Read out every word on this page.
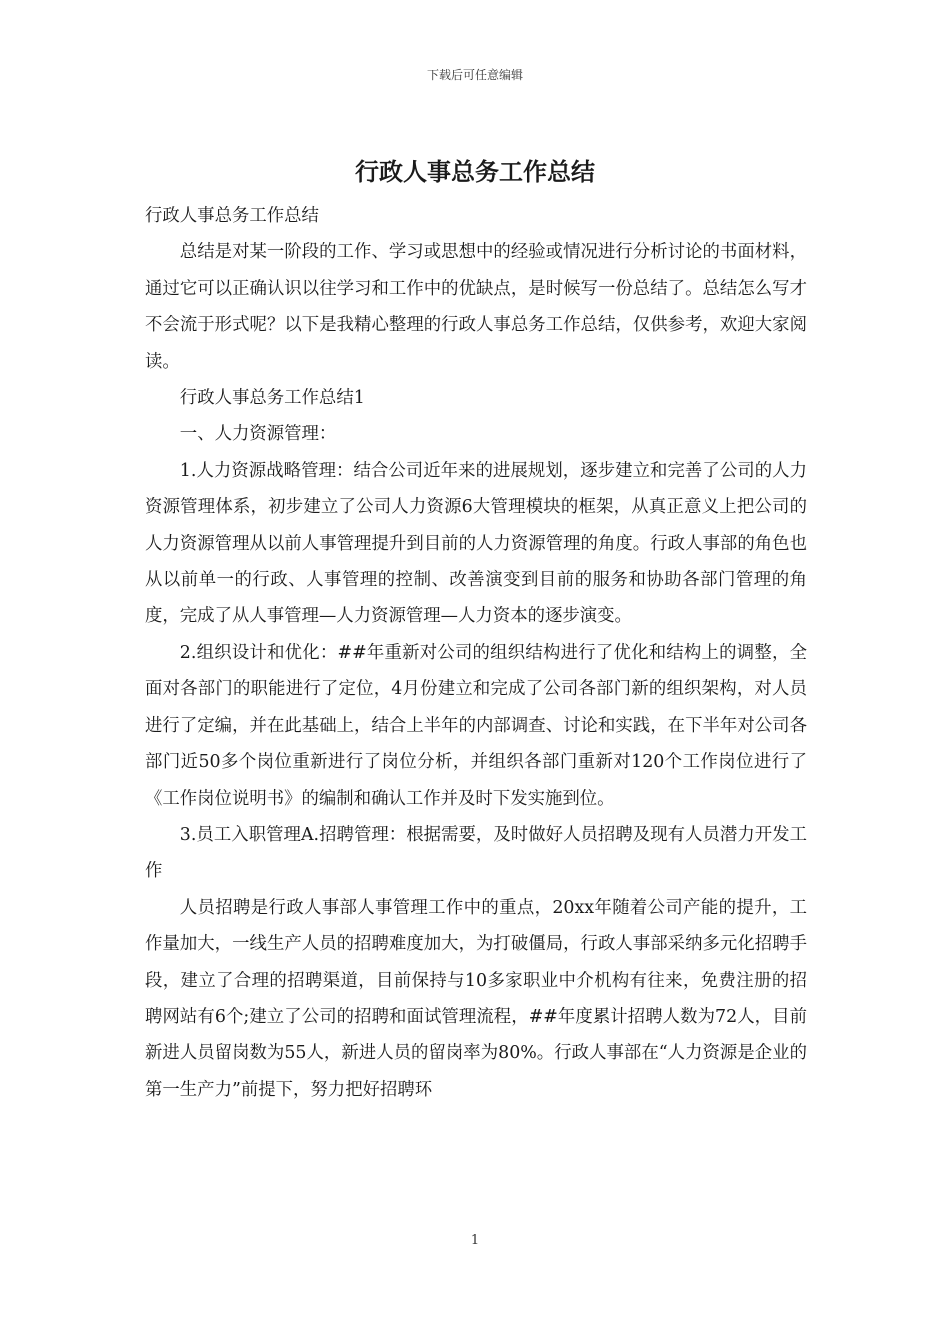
下载后可任意编辑
行政人事总务工作总结

行政人事总务工作总结

总结是对某一阶段的工作、学习或思想中的经验或情况进行分析讨论的书面材料，通过它可以正确认识以往学习和工作中的优缺点，是时候写一份总结了。总结怎么写才不会流于形式呢？以下是我精心整理的行政人事总务工作总结，仅供参考，欢迎大家阅读。

行政人事总务工作总结1

一、人力资源管理：

1.人力资源战略管理：结合公司近年来的进展规划，逐步建立和完善了公司的人力资源管理体系，初步建立了公司人力资源6大管理模块的框架，从真正意义上把公司的人力资源管理从以前人事管理提升到目前的人力资源管理的角度。行政人事部的角色也从以前单一的行政、人事管理的控制、改善演变到目前的服务和协助各部门管理的角度，完成了从人事管理—人力资源管理—人力资本的逐步演变。

2.组织设计和优化：##年重新对公司的组织结构进行了优化和结构上的调整，全面对各部门的职能进行了定位，4月份建立和完成了公司各部门新的组织架构，对人员进行了定编，并在此基础上，结合上半年的内部调查、讨论和实践，在下半年对公司各部门近50多个岗位重新进行了岗位分析，并组织各部门重新对120个工作岗位进行了《工作岗位说明书》的编制和确认工作并及时下发实施到位。

3.员工入职管理A.招聘管理：根据需要，及时做好人员招聘及现有人员潜力开发工作

人员招聘是行政人事部人事管理工作中的重点，20xx年随着公司产能的提升，工作量加大，一线生产人员的招聘难度加大，为打破僵局，行政人事部采纳多元化招聘手段，建立了合理的招聘渠道，目前保持与10多家职业中介机构有往来，免费注册的招聘网站有6个;建立了公司的招聘和面试管理流程，##年度累计招聘人数为72人，目前新进人员留岗数为55人，新进人员的留岗率为80%。行政人事部在“人力资源是企业的第一生产力”前提下，努力把好招聘环

1
